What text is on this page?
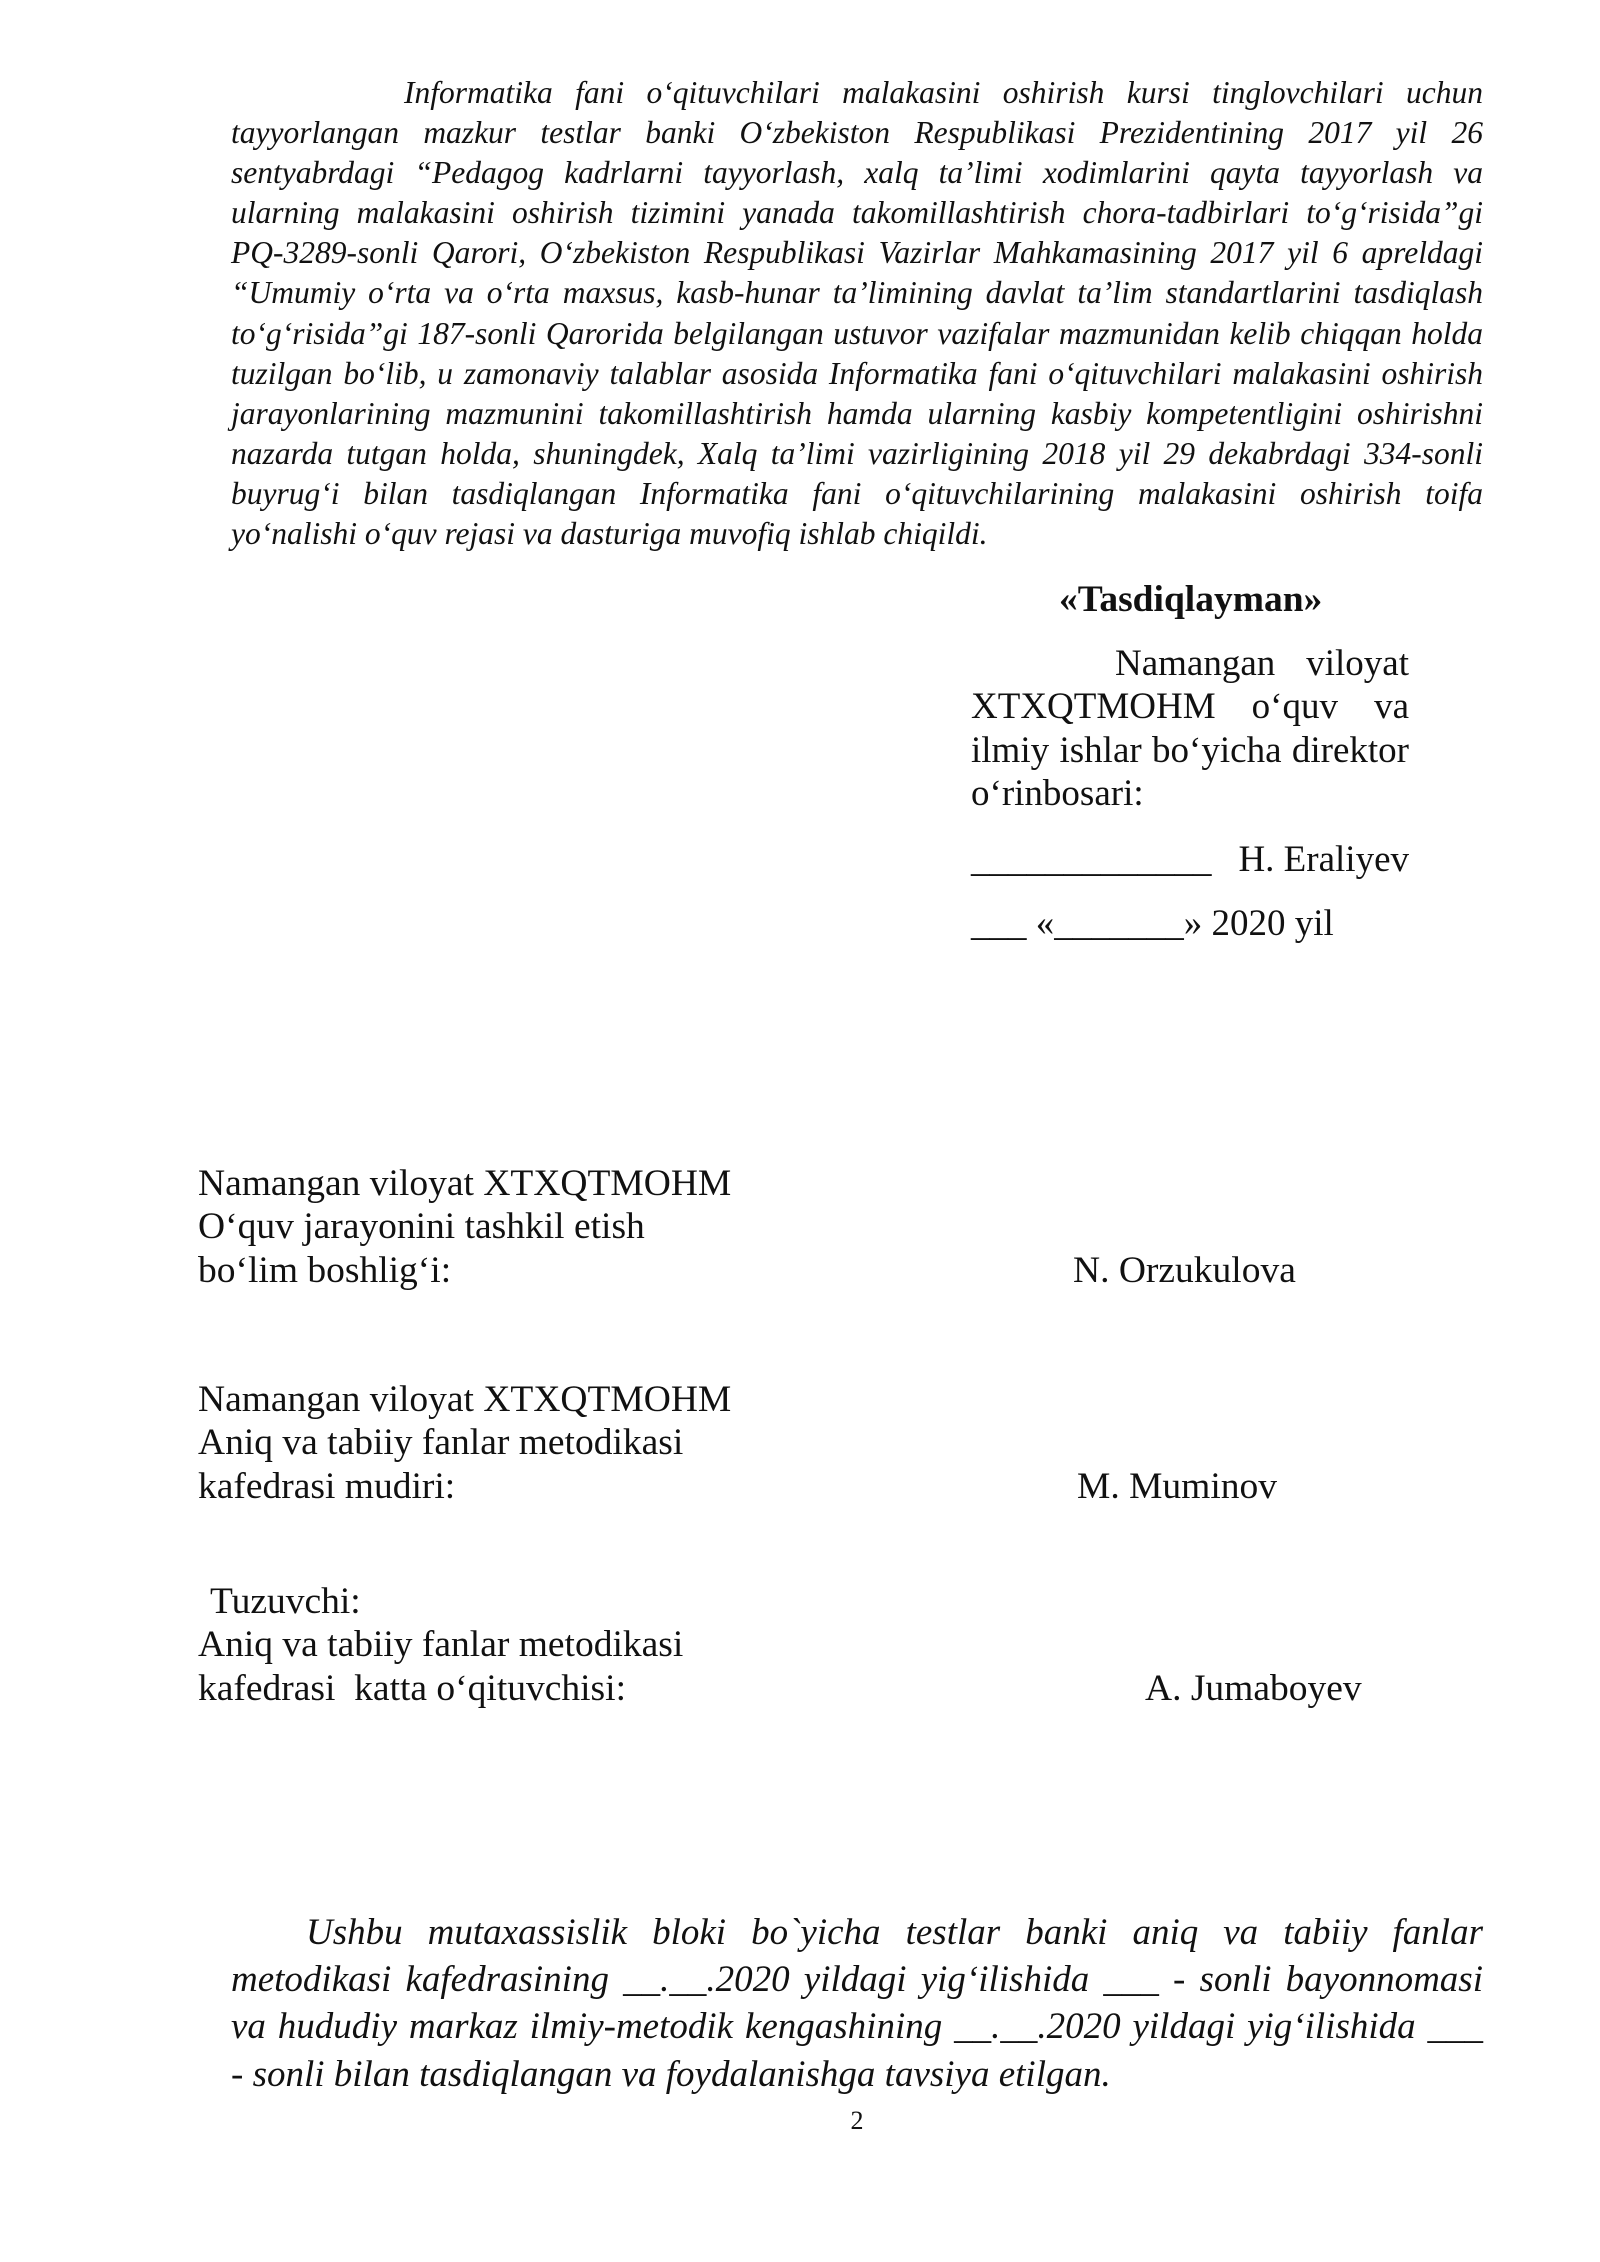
Informatika fani o‘qituvchilari malakasini oshirish kursi tinglovchilari uchun
tayyorlangan mazkur testlar banki O‘zbekiston Respublikasi Prezidentining 2017 yil 26
sentyabrdagi “Pedagog kadrlarni tayyorlash, xalq ta’limi xodimlarini qayta tayyorlash va
ularning malakasini oshirish tizimini yanada takomillashtirish chora-tadbirlari to‘g‘risida”gi
PQ-3289-sonli Qarori, O‘zbekiston Respublikasi Vazirlar Mahkamasining 2017 yil 6 apreldagi
“Umumiy o‘rta va o‘rta maxsus, kasb-hunar ta’limining davlat ta’lim standartlarini tasdiqlash
to‘g‘risida”gi 187-sonli Qarorida belgilangan ustuvor vazifalar mazmunidan kelib chiqqan holda
tuzilgan bo‘lib, u zamonaviy talablar asosida Informatika fani o‘qituvchilari malakasini oshirish
jarayonlarining mazmunini takomillashtirish hamda ularning kasbiy kompetentligini oshirishni
nazarda tutgan holda, shuningdek, Xalq ta’limi vazirligining 2018 yil 29 dekabrdagi 334-sonli
buyrug‘i bilan tasdiqlangan Informatika fani o‘qituvchilarining malakasini oshirish toifa
yo‘nalishi o‘quv rejasi va dasturiga muvofiq ishlab chiqildi.
«Tasdiqlayman»
Namangan viloyat
XTXQTMOHM o‘quv va
ilmiy ishlar bo‘yicha direktor
o‘rinbosari:
_____________ H. Eraliyev
___ «_______» 2020 yil
Namangan viloyat XTXQTMOHM
O‘quv jarayonini tashkil etish
bo‘lim boshlig‘i:	N. Orzukulova
Namangan viloyat XTXQTMOHM
Aniq va tabiiy fanlar metodikasi
kafedrasi mudiri:	M. Muminov
Tuzuvchi:
Aniq va tabiiy fanlar metodikasi
kafedrasi  katta o‘qituvchisi:	A. Jumaboyev
Ushbu mutaxassislik bloki bo`yicha testlar banki aniq va tabiiy fanlar
metodikasi kafedrasining __.__.2020 yildagi yig‘ilishida ___ - sonli bayonnomasi
va hududiy markaz ilmiy-metodik kengashining __.__.2020 yildagi yig‘ilishida ___
- sonli bilan tasdiqlangan va foydalanishga tavsiya etilgan.
2
